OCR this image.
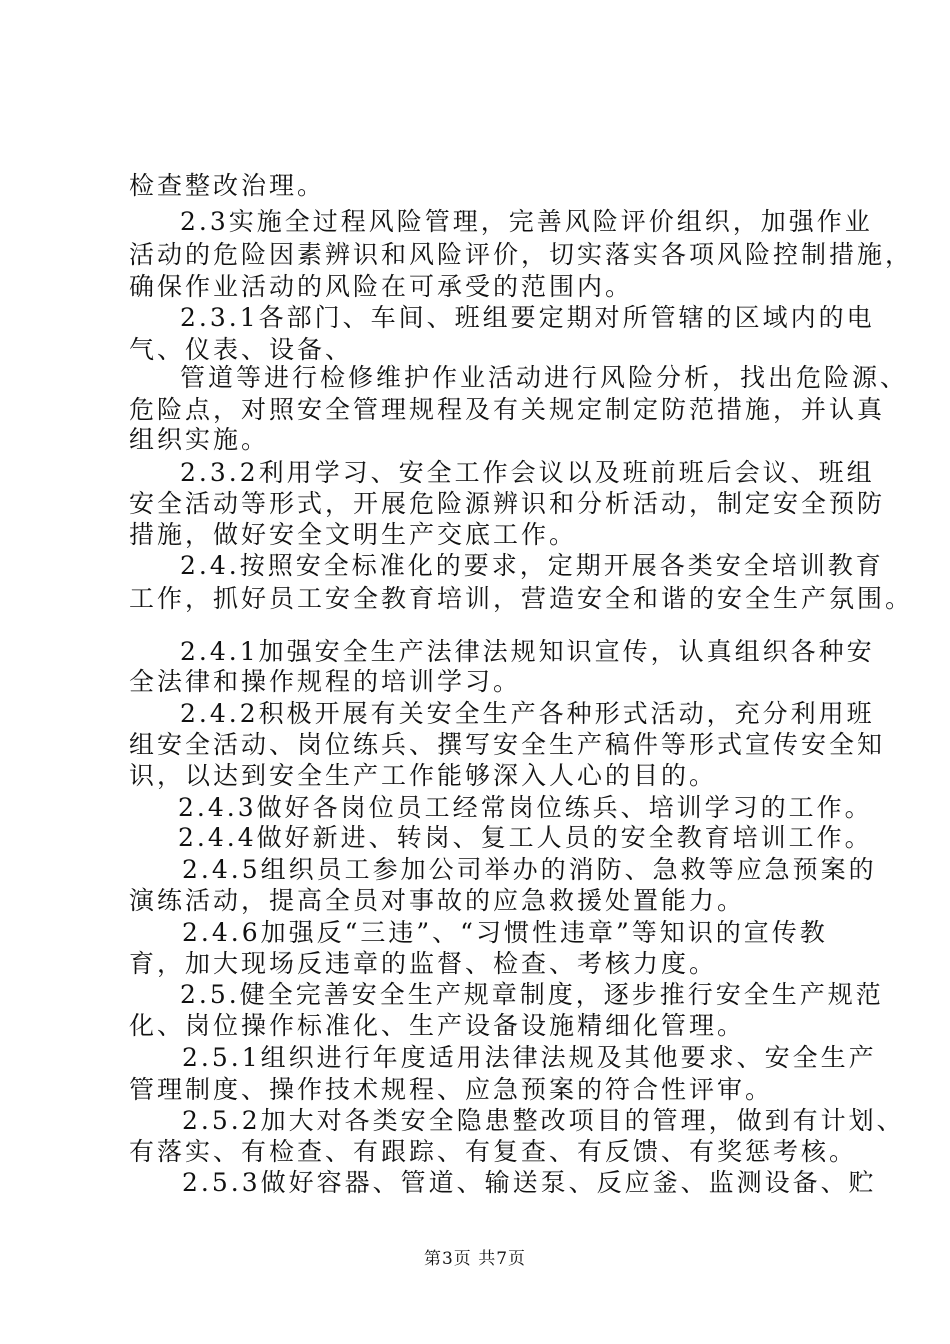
检查整改治理。
2.3实施全过程风险管理，完善风险评价组织，加强作业
活动的危险因素辨识和风险评价，切实落实各项风险控制措施，
确保作业活动的风险在可承受的范围内。
2.3.1各部门、车间、班组要定期对所管辖的区域内的电
气、仪表、设备、
管道等进行检修维护作业活动进行风险分析，找出危险源、
危险点，对照安全管理规程及有关规定制定防范措施，并认真
组织实施。
2.3.2利用学习、安全工作会议以及班前班后会议、班组
安全活动等形式，开展危险源辨识和分析活动，制定安全预防
措施，做好安全文明生产交底工作。
2.4.按照安全标准化的要求，定期开展各类安全培训教育
工作，抓好员工安全教育培训，营造安全和谐的安全生产氛围。
2.4.1加强安全生产法律法规知识宣传，认真组织各种安
全法律和操作规程的培训学习。
2.4.2积极开展有关安全生产各种形式活动，充分利用班
组安全活动、岗位练兵、撰写安全生产稿件等形式宣传安全知
识，以达到安全生产工作能够深入人心的目的。
2.4.3做好各岗位员工经常岗位练兵、培训学习的工作。
2.4.4做好新进、转岗、复工人员的安全教育培训工作。
2.4.5组织员工参加公司举办的消防、急救等应急预案的
演练活动，提高全员对事故的应急救援处置能力。
2.4.6加强反“三违”、“习惯性违章”等知识的宣传教
育，加大现场反违章的监督、检查、考核力度。
2.5.健全完善安全生产规章制度，逐步推行安全生产规范
化、岗位操作标准化、生产设备设施精细化管理。
2.5.1组织进行年度适用法律法规及其他要求、安全生产
管理制度、操作技术规程、应急预案的符合性评审。
2.5.2加大对各类安全隐患整改项目的管理，做到有计划、
有落实、有检查、有跟踪、有复查、有反馈、有奖惩考核。
2.5.3做好容器、管道、输送泵、反应釜、监测设备、贮
第3页 共7页
